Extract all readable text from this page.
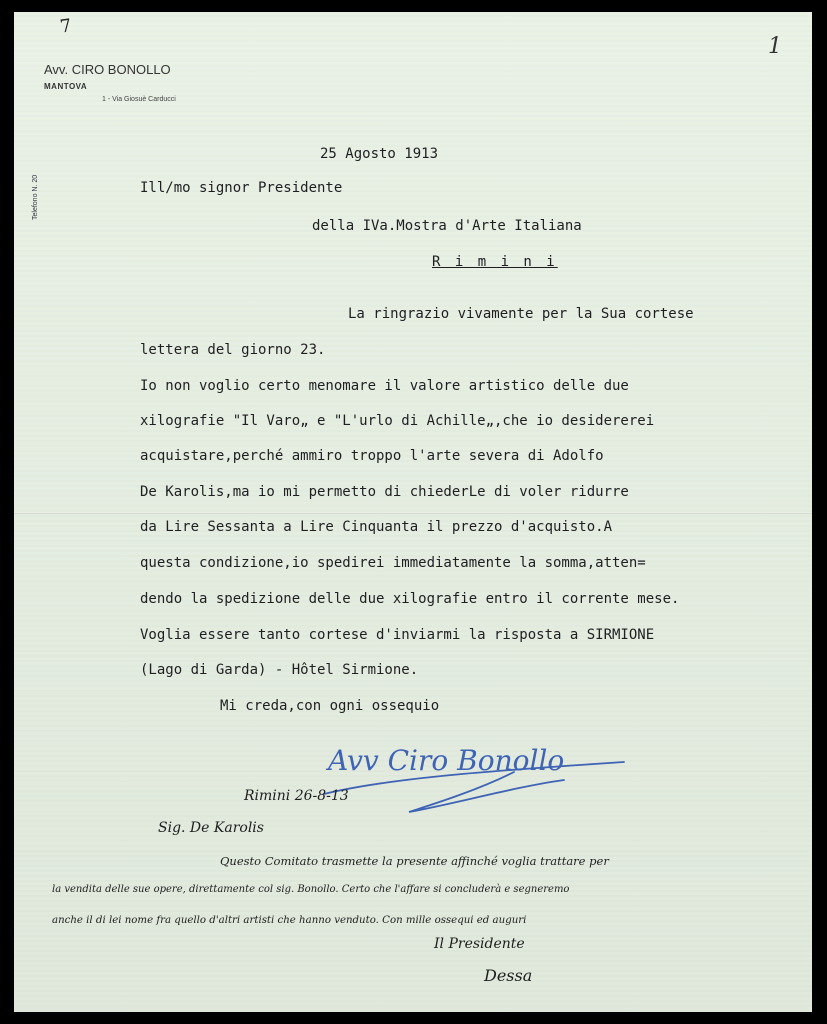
7
1
Avv. CIRO BONOLLO
MANTOVA
1 - Via Giosuè Carducci
Telefono N. 20
25 Agosto 1913
Ill/mo signor Presidente
della IVa.Mostra d'Arte Italiana
R i m i n i
La ringrazio vivamente per la Sua cortese
lettera del giorno 23.
Io non voglio certo menomare il valore artistico delle due
xilografie "Il Varo„ e "L'urlo di Achille„,che io desidererei
acquistare,perché ammiro troppo l'arte severa di Adolfo
De Karolis,ma io mi permetto di chiederLe di voler ridurre
da Lire Sessanta a Lire Cinquanta il prezzo d'acquisto.A
questa condizione,io spedirei immediatamente la somma,atten=
dendo la spedizione delle due xilografie entro il corrente mese.
Voglia essere tanto cortese d'inviarmi la risposta a SIRMIONE
(Lago di Garda) - Hôtel Sirmione.
Mi creda,con ogni ossequio
Avv Ciro Bonollo
Rimini 26-8-13
Sig. De Karolis
Questo Comitato trasmette la presente affinché voglia trattare per
la vendita delle sue opere, direttamente col sig. Bonollo. Certo che l'affare si concluderà e segneremo
anche il di lei nome fra quello d'altri artisti che hanno venduto. Con mille ossequi ed auguri
Il Presidente
Dessa
